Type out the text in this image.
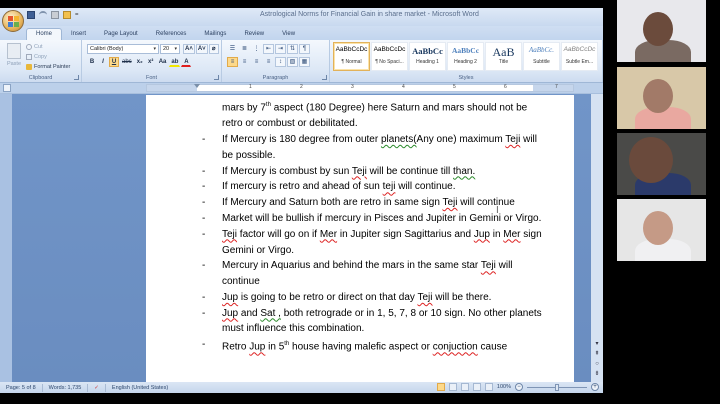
=	Astrological Norms for Financial Gain in share market - Microsoft Word
Home	Insert	Page Layout	References	Mailings	Review	View
Paste
Cut
Copy
Format Painter
Clipboard
Calibri (Body)	▾	20 ▾	A˄ A˅	⌀
B	I	U abc x₂ x² Aa ab A
Font
☰	≣	⋮	⇤	⇥	⇅	¶
≡	≡	≡	≡	↕	▧	▦
Paragraph
AaBbCcDc
¶ Normal
AaBbCcDc
¶ No Spaci...
AaBbCc
Heading 1
AaBbCc
Heading 2
AaB
Title
AaBbCc.
Subtitle
AaBbCcDc
Subtle Em...
Styles
1	2	3	4	5	6	7
mars by 7th aspect (180 Degree) here Saturn and mars should not be retro or combust or debilitated.
- If Mercury is 180 degree from outer planets(Any one) maximum Teji will be possible.
- If Mercury is combust by sun Teji will be continue till than.
- If mercury is retro and ahead of sun teji will continue.
- If Mercury and Saturn both are retro in same sign Teji will continue
- Market will be bullish if mercury in Pisces and Jupiter in Gemini or Virgo.
- Teji factor will go on if Mer in Jupiter sign Sagittarius and Jup in Mer sign Gemini or Virgo.
- Mercury in Aquarius and behind the mars in the same star Teji will continue
- Jup is going to be retro or direct on that day Teji will be there.
- Jup and Sat , both retrograde or in 1, 5, 7, 8 or 10 sign. No other planets must influence this combination.
- Retro Jup in 5th house having malefic aspect or conjuction cause
I
▾
⇞
○
⇟
Page: 5 of 8	Words: 1,735	✓	English (United States)	100%	−	+
